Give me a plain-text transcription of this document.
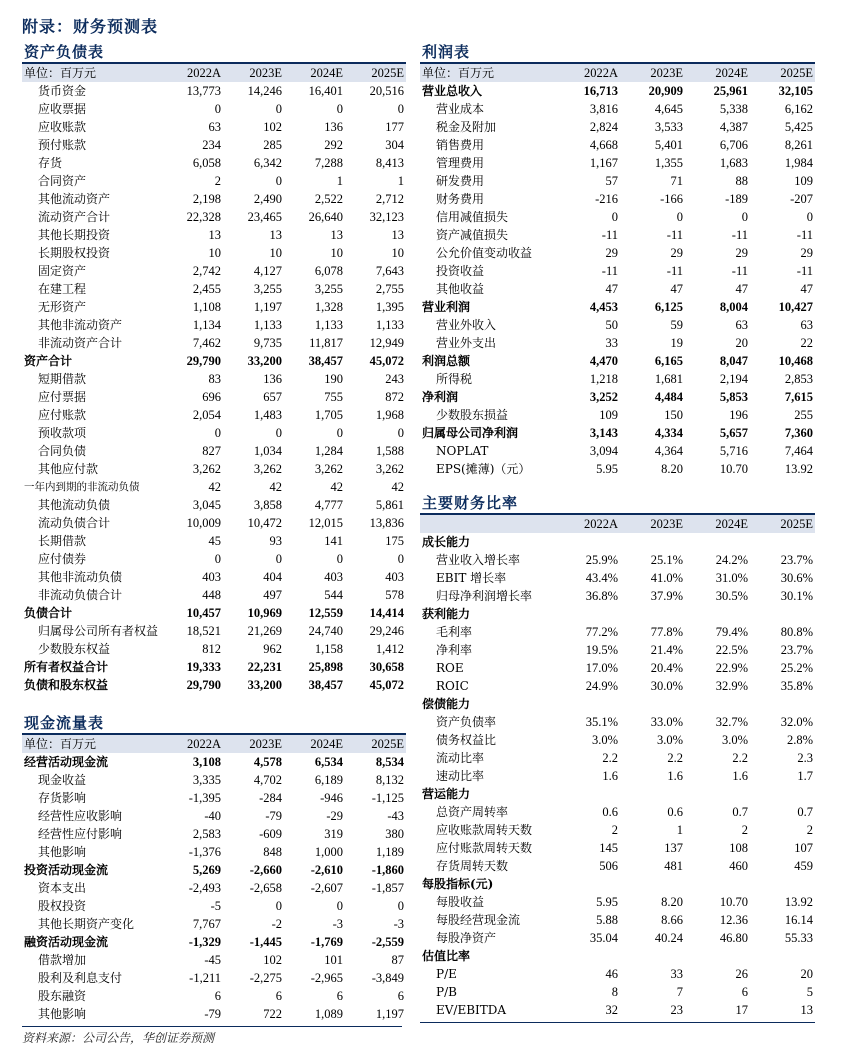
附录：财务预测表
资产负债表
单位：百万元	2022A	2023E	2024E	2025E
货币资金	13,773	14,246	16,401	20,516
应收票据	0	0	0	0
应收账款	63	102	136	177
预付账款	234	285	292	304
存货	6,058	6,342	7,288	8,413
合同资产	2	0	1	1
其他流动资产	2,198	2,490	2,522	2,712
流动资产合计	22,328	23,465	26,640	32,123
其他长期投资	13	13	13	13
长期股权投资	10	10	10	10
固定资产	2,742	4,127	6,078	7,643
在建工程	2,455	3,255	3,255	2,755
无形资产	1,108	1,197	1,328	1,395
其他非流动资产	1,134	1,133	1,133	1,133
非流动资产合计	7,462	9,735	11,817	12,949
资产合计	29,790	33,200	38,457	45,072
短期借款	83	136	190	243
应付票据	696	657	755	872
应付账款	2,054	1,483	1,705	1,968
预收款项	0	0	0	0
合同负债	827	1,034	1,284	1,588
其他应付款	3,262	3,262	3,262	3,262
一年内到期的非流动负债	42	42	42	42
其他流动负债	3,045	3,858	4,777	5,861
流动负债合计	10,009	10,472	12,015	13,836
长期借款	45	93	141	175
应付债券	0	0	0	0
其他非流动负债	403	404	403	403
非流动负债合计	448	497	544	578
负债合计	10,457	10,969	12,559	14,414
归属母公司所有者权益	18,521	21,269	24,740	29,246
少数股东权益	812	962	1,158	1,412
所有者权益合计	19,333	22,231	25,898	30,658
负债和股东权益	29,790	33,200	38,457	45,072
现金流量表
单位：百万元	2022A	2023E	2024E	2025E
经营活动现金流	3,108	4,578	6,534	8,534
现金收益	3,335	4,702	6,189	8,132
存货影响	-1,395	-284	-946	-1,125
经营性应收影响	-40	-79	-29	-43
经营性应付影响	2,583	-609	319	380
其他影响	-1,376	848	1,000	1,189
投资活动现金流	5,269	-2,660	-2,610	-1,860
资本支出	-2,493	-2,658	-2,607	-1,857
股权投资	-5	0	0	0
其他长期资产变化	7,767	-2	-3	-3
融资活动现金流	-1,329	-1,445	-1,769	-2,559
借款增加	-45	102	101	87
股利及利息支付	-1,211	-2,275	-2,965	-3,849
股东融资	6	6	6	6
其他影响	-79	722	1,089	1,197
利润表
单位：百万元	2022A	2023E	2024E	2025E
营业总收入	16,713	20,909	25,961	32,105
营业成本	3,816	4,645	5,338	6,162
税金及附加	2,824	3,533	4,387	5,425
销售费用	4,668	5,401	6,706	8,261
管理费用	1,167	1,355	1,683	1,984
研发费用	57	71	88	109
财务费用	-216	-166	-189	-207
信用减值损失	0	0	0	0
资产减值损失	-11	-11	-11	-11
公允价值变动收益	29	29	29	29
投资收益	-11	-11	-11	-11
其他收益	47	47	47	47
营业利润	4,453	6,125	8,004	10,427
营业外收入	50	59	63	63
营业外支出	33	19	20	22
利润总额	4,470	6,165	8,047	10,468
所得税	1,218	1,681	2,194	2,853
净利润	3,252	4,484	5,853	7,615
少数股东损益	109	150	196	255
归属母公司净利润	3,143	4,334	5,657	7,360
NOPLAT	3,094	4,364	5,716	7,464
EPS(摊薄)（元）	5.95	8.20	10.70	13.92
主要财务比率
	2022A	2023E	2024E	2025E
成长能力				
营业收入增长率	25.9%	25.1%	24.2%	23.7%
EBIT 增长率	43.4%	41.0%	31.0%	30.6%
归母净利润增长率	36.8%	37.9%	30.5%	30.1%
获利能力				
毛利率	77.2%	77.8%	79.4%	80.8%
净利率	19.5%	21.4%	22.5%	23.7%
ROE	17.0%	20.4%	22.9%	25.2%
ROIC	24.9%	30.0%	32.9%	35.8%
偿债能力				
资产负债率	35.1%	33.0%	32.7%	32.0%
债务权益比	3.0%	3.0%	3.0%	2.8%
流动比率	2.2	2.2	2.2	2.3
速动比率	1.6	1.6	1.6	1.7
营运能力				
总资产周转率	0.6	0.6	0.7	0.7
应收账款周转天数	2	1	2	2
应付账款周转天数	145	137	108	107
存货周转天数	506	481	460	459
每股指标(元)				
每股收益	5.95	8.20	10.70	13.92
每股经营现金流	5.88	8.66	12.36	16.14
每股净资产	35.04	40.24	46.80	55.33
估值比率				
P/E	46	33	26	20
P/B	8	7	6	5
EV/EBITDA	32	23	17	13
资料来源：公司公告，华创证券预测
